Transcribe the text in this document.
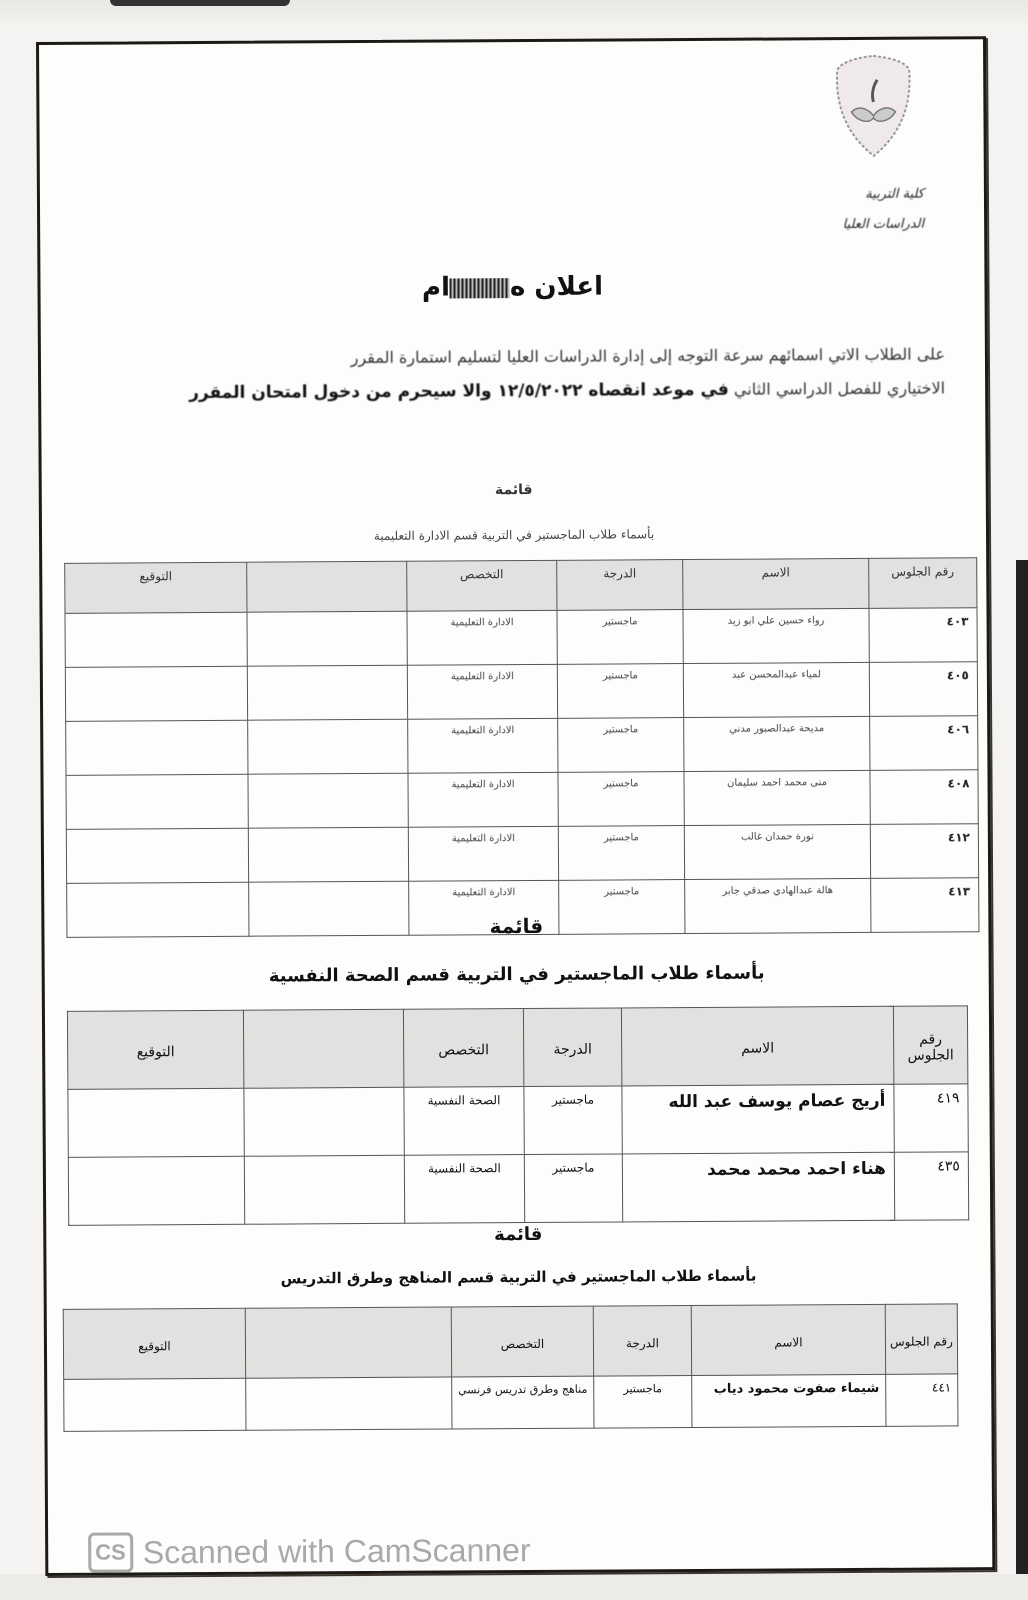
كلية التربية
الدراسات العليا
اعلان هام
على الطلاب الاتي اسمائهم سرعة التوجه إلى إدارة الدراسات العليا لتسليم استمارة المقرر
الاختياري للفصل الدراسي الثاني في موعد انقصاه ١٢/٥/٢٠٢٢ والا سيحرم من دخول امتحان المقرر
قائمة
بأسماء طلاب الماجستير في التربية قسم الادارة التعليمية
رقم الجلوس	الاسم	الدرجة	التخصص		التوقيع
٤٠٣	رواء حسين علي ابو زيد	ماجستير	الادارة التعليمية		
٤٠٥	لمياء عبدالمحسن عبد	ماجستير	الادارة التعليمية		
٤٠٦	مديحة عبدالصبور مدني	ماجستير	الادارة التعليمية		
٤٠٨	منى محمد احمد سليمان	ماجستير	الادارة التعليمية		
٤١٢	نورة حمدان غالب	ماجستير	الادارة التعليمية		
٤١٣	هالة عبدالهادي صدقي جابر	ماجستير	الادارة التعليمية		
قائمة
بأسماء طلاب الماجستير في التربية قسم الصحة النفسية
رقم الجلوس	الاسم	الدرجة	التخصص		التوقيع
٤١٩	أريج عصام يوسف عبد الله	ماجستير	الصحة النفسية		
٤٣٥	هناء احمد محمد محمد	ماجستير	الصحة النفسية		
قائمة
بأسماء طلاب الماجستير في التربية قسم المناهج وطرق التدريس
رقم الجلوس	الاسم	الدرجة	التخصص		التوقيع
٤٤١	شيماء صفوت محمود دياب	ماجستير	مناهج وطرق تدريس فرنسي		
CS Scanned with CamScanner
